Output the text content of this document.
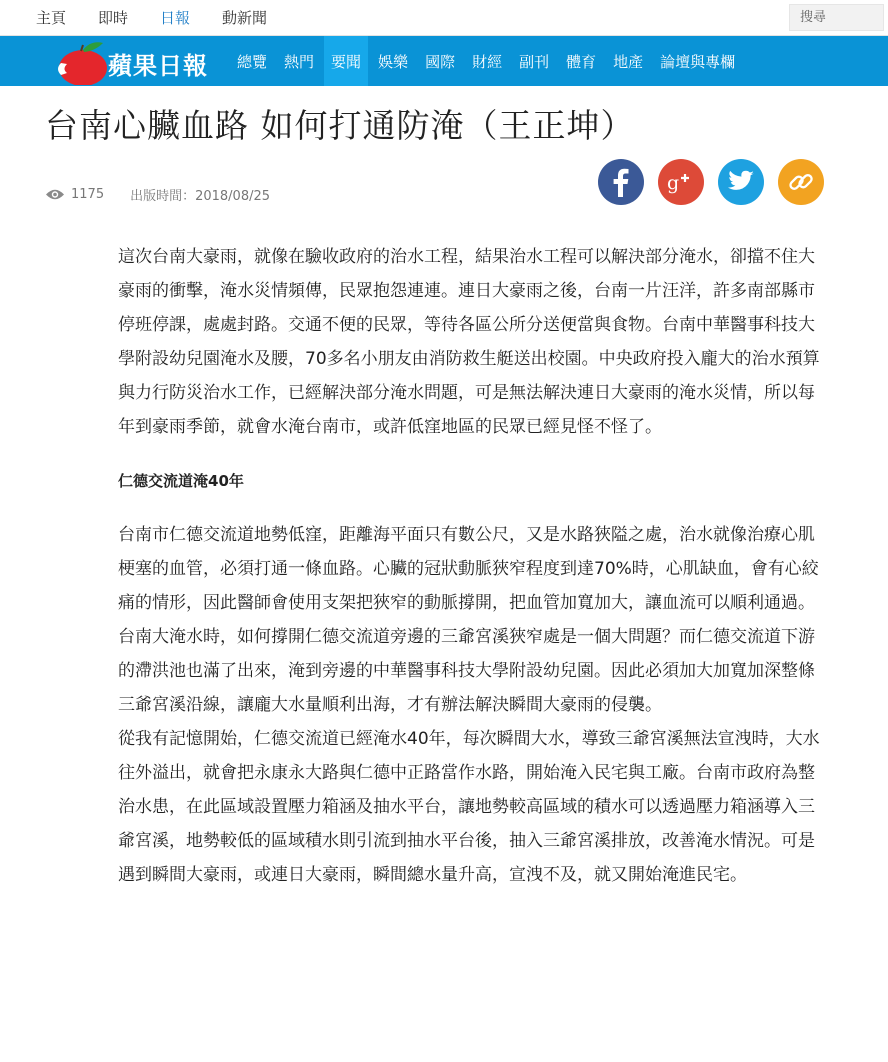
主頁 即時 日報 動新聞
搜尋
蘋果日報	總覽	熱門	要聞	娛樂	國際	財經	副刊	體育	地產	論壇與專欄
台南心臟血路 如何打通防淹（王正坤）
1175 出版時間：2018/08/25
g

這次台南大豪雨，就像在驗收政府的治水工程，結果治水工程可以解決部分淹水，卻擋不住大豪雨的衝擊，淹水災情頻傳，民眾抱怨連連。連日大豪雨之後，台南一片汪洋，許多南部縣市停班停課，處處封路。交通不便的民眾，等待各區公所分送便當與食物。台南中華醫事科技大學附設幼兒園淹水及腰，70多名小朋友由消防救生艇送出校園。中央政府投入龐大的治水預算與力行防災治水工作，已經解決部分淹水問題，可是無法解決連日大豪雨的淹水災情，所以每年到豪雨季節，就會水淹台南市，或許低窪地區的民眾已經見怪不怪了。

仁德交流道淹40年

台南市仁德交流道地勢低窪，距離海平面只有數公尺，又是水路狹隘之處，治水就像治療心肌梗塞的血管，必須打通一條血路。心臟的冠狀動脈狹窄程度到達70%時，心肌缺血，會有心絞痛的情形，因此醫師會使用支架把狹窄的動脈撐開，把血管加寬加大，讓血流可以順利通過。

台南大淹水時，如何撐開仁德交流道旁邊的三爺宮溪狹窄處是一個大問題？而仁德交流道下游的滯洪池也滿了出來，淹到旁邊的中華醫事科技大學附設幼兒園。因此必須加大加寬加深整條三爺宮溪沿線，讓龐大水量順利出海，才有辦法解決瞬間大豪雨的侵襲。

從我有記憶開始，仁德交流道已經淹水40年，每次瞬間大水，導致三爺宮溪無法宣洩時，大水往外溢出，就會把永康永大路與仁德中正路當作水路，開始淹入民宅與工廠。台南市政府為整治水患，在此區域設置壓力箱涵及抽水平台，讓地勢較高區域的積水可以透過壓力箱涵導入三爺宮溪，地勢較低的區域積水則引流到抽水平台後，抽入三爺宮溪排放，改善淹水情況。可是遇到瞬間大豪雨，或連日大豪雨，瞬間總水量升高，宣洩不及，就又開始淹進民宅。
